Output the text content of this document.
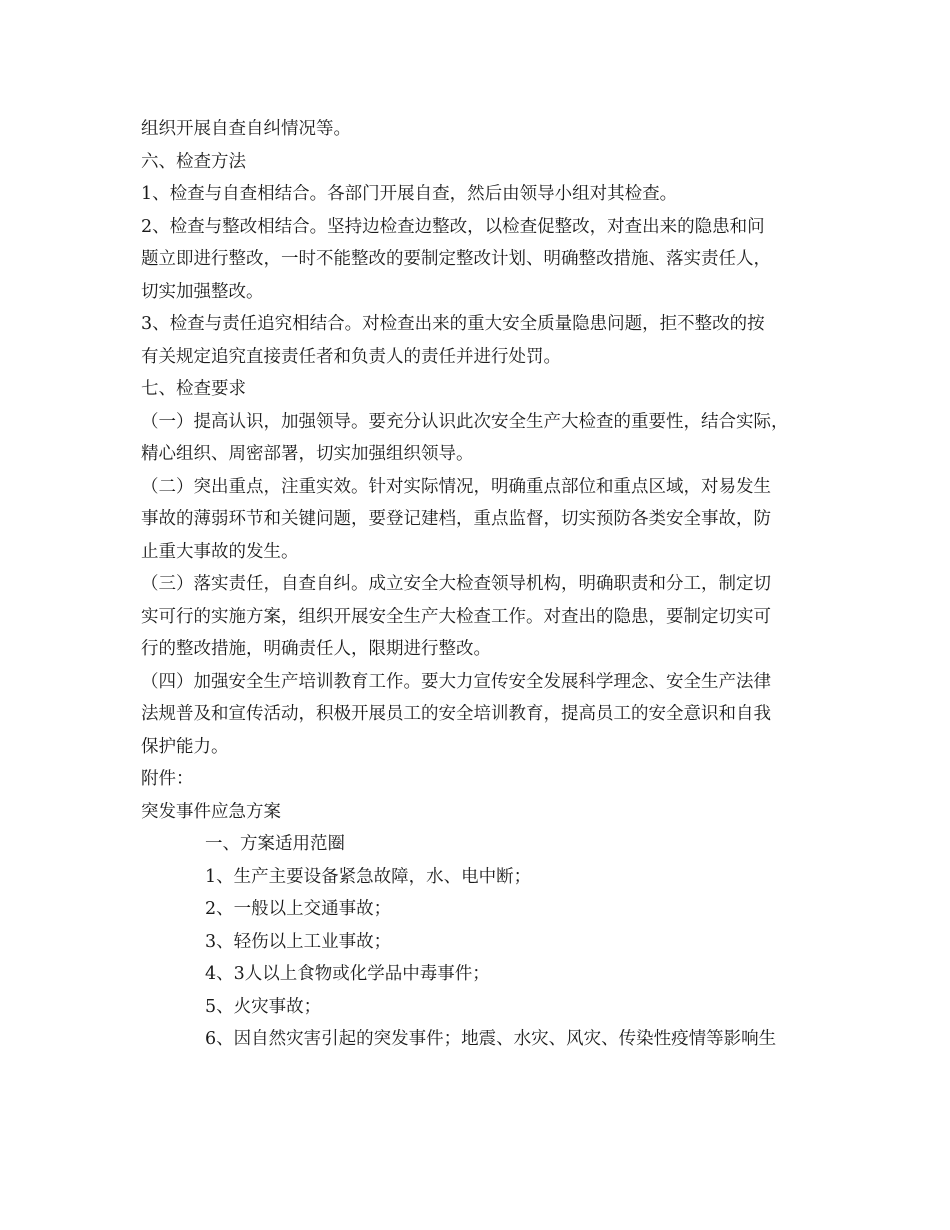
组织开展自查自纠情况等。
六、检查方法
1、检查与自查相结合。各部门开展自查，然后由领导小组对其检查。
2、检查与整改相结合。坚持边检查边整改，以检查促整改，对查出来的隐患和问
题立即进行整改，一时不能整改的要制定整改计划、明确整改措施、落实责任人，
切实加强整改。
3、检查与责任追究相结合。对检查出来的重大安全质量隐患问题，拒不整改的按
有关规定追究直接责任者和负责人的责任并进行处罚。
七、检查要求
（一）提高认识，加强领导。要充分认识此次安全生产大检查的重要性，结合实际，
精心组织、周密部署，切实加强组织领导。
（二）突出重点，注重实效。针对实际情况，明确重点部位和重点区域，对易发生
事故的薄弱环节和关键问题，要登记建档，重点监督，切实预防各类安全事故，防
止重大事故的发生。
（三）落实责任，自查自纠。成立安全大检查领导机构，明确职责和分工，制定切
实可行的实施方案，组织开展安全生产大检查工作。对查出的隐患，要制定切实可
行的整改措施，明确责任人，限期进行整改。
（四）加强安全生产培训教育工作。要大力宣传安全发展科学理念、安全生产法律
法规普及和宣传活动，积极开展员工的安全培训教育，提高员工的安全意识和自我
保护能力。
附件：
突发事件应急方案
一、方案适用范圈
1、生产主要设备紧急故障，水、电中断；
2、一般以上交通事故；
3、轻伤以上工业事故；
4、3人以上食物或化学品中毒事件；
5、火灾事故；
6、因自然灾害引起的突发事件；地震、水灾、风灾、传染性疫情等影响生
